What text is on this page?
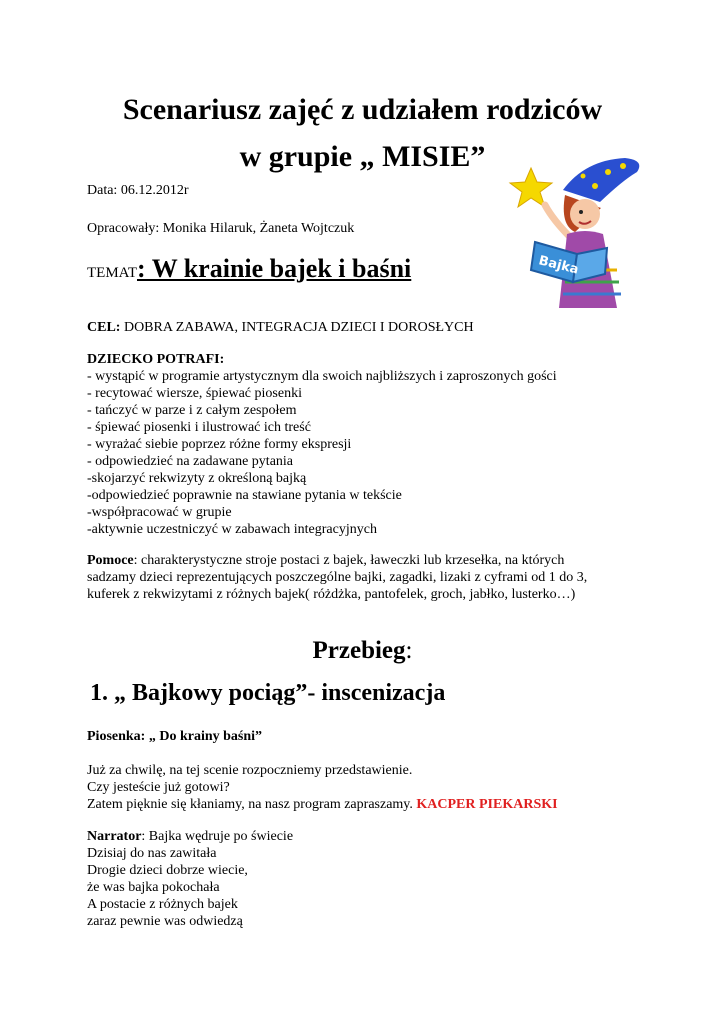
Scenariusz zajęć z udziałem rodziców
w grupie „ MISIE”
Data: 06.12.2012r
Opracowały: Monika Hilaruk, Żaneta Wojtczuk
TEMAT: W krainie bajek i baśni	Bajka
CEL: DOBRA ZABAWA, INTEGRACJA DZIECI I DOROSŁYCH
DZIECKO POTRAFI:
- wystąpić w programie artystycznym dla swoich najbliższych i zaproszonych gości
- recytować wiersze, śpiewać piosenki
- tańczyć w parze i z całym zespołem
- śpiewać piosenki i ilustrować ich treść
- wyrażać siebie poprzez różne formy ekspresji
- odpowiedzieć na zadawane pytania
-skojarzyć rekwizyty z określoną bajką
-odpowiedzieć poprawnie na stawiane pytania w tekście
-współpracować w grupie
-aktywnie uczestniczyć w zabawach integracyjnych

Pomoce: charakterystyczne stroje postaci z bajek, ławeczki lub krzesełka, na których

sadzamy dzieci reprezentujących poszczególne bajki, zagadki, lizaki z cyframi od 1 do 3,

kuferek z rekwizytami z różnych bajek( różdżka, pantofelek, groch, jabłko, lusterko…)

Przebieg:
1. „ Bajkowy pociąg”- inscenizacja
Piosenka: „ Do krainy baśni”

Już za chwilę, na tej scenie rozpoczniemy przedstawienie.

Czy jesteście już gotowi?

Zatem pięknie się kłaniamy, na nasz program zapraszamy. KACPER PIEKARSKI

Narrator: Bajka wędruje po świecie

Dzisiaj do nas zawitała

Drogie dzieci dobrze wiecie,

że was bajka pokochała

A postacie z różnych bajek

zaraz pewnie was odwiedzą
